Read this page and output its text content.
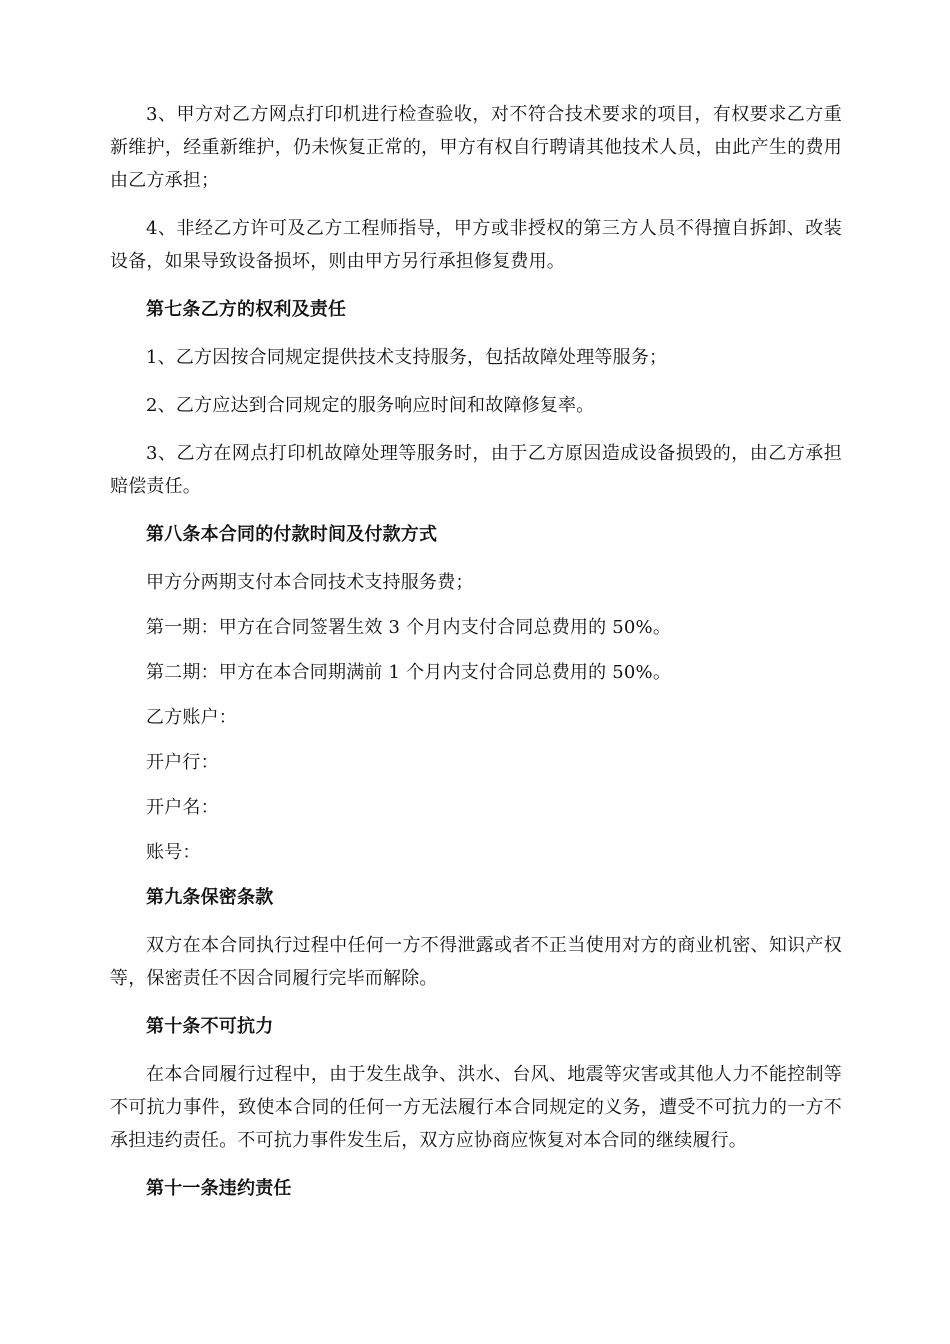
3、甲方对乙方网点打印机进行检查验收，对不符合技术要求的项目，有权要求乙方重新维护，经重新维护，仍未恢复正常的，甲方有权自行聘请其他技术人员，由此产生的费用由乙方承担；

4、非经乙方许可及乙方工程师指导，甲方或非授权的第三方人员不得擅自拆卸、改装设备，如果导致设备损坏，则由甲方另行承担修复费用。

第七条乙方的权利及责任

1、乙方因按合同规定提供技术支持服务，包括故障处理等服务；

2、乙方应达到合同规定的服务响应时间和故障修复率。

3、乙方在网点打印机故障处理等服务时，由于乙方原因造成设备损毁的，由乙方承担赔偿责任。

第八条本合同的付款时间及付款方式

甲方分两期支付本合同技术支持服务费；

第一期：甲方在合同签署生效 3 个月内支付合同总费用的 50%。

第二期：甲方在本合同期满前 1 个月内支付合同总费用的 50%。

乙方账户：

开户行：

开户名：

账号：

第九条保密条款

双方在本合同执行过程中任何一方不得泄露或者不正当使用对方的商业机密、知识产权等，保密责任不因合同履行完毕而解除。

第十条不可抗力

在本合同履行过程中，由于发生战争、洪水、台风、地震等灾害或其他人力不能控制等不可抗力事件，致使本合同的任何一方无法履行本合同规定的义务，遭受不可抗力的一方不承担违约责任。不可抗力事件发生后，双方应协商应恢复对本合同的继续履行。

第十一条违约责任
